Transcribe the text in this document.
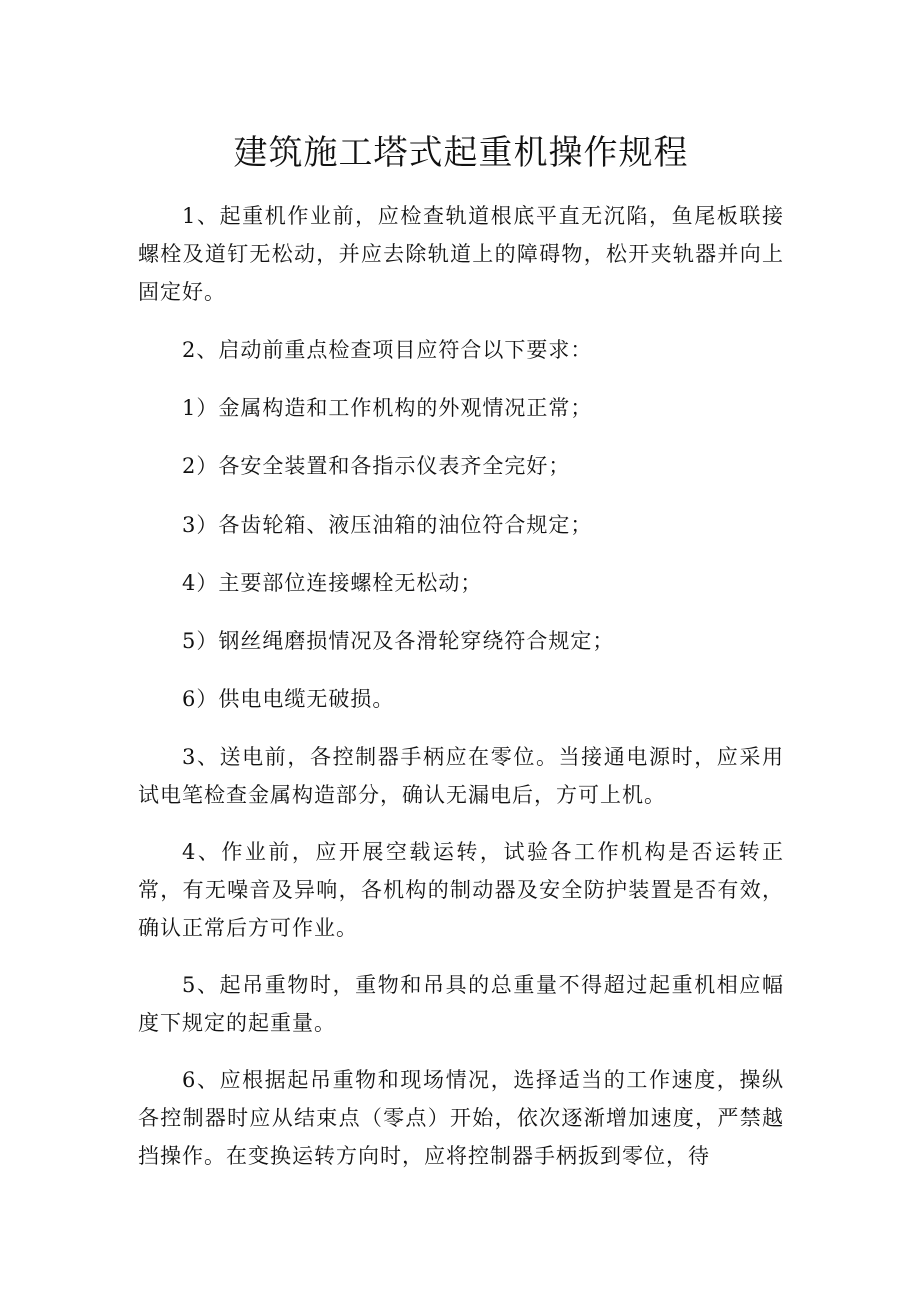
建筑施工塔式起重机操作规程

1、起重机作业前，应检查轨道根底平直无沉陷，鱼尾板联接螺栓及道钉无松动，并应去除轨道上的障碍物，松开夹轨器并向上固定好。

2、启动前重点检查项目应符合以下要求：

1）金属构造和工作机构的外观情况正常；

2）各安全装置和各指示仪表齐全完好；

3）各齿轮箱、液压油箱的油位符合规定；

4）主要部位连接螺栓无松动；

5）钢丝绳磨损情况及各滑轮穿绕符合规定；

6）供电电缆无破损。

3、送电前，各控制器手柄应在零位。当接通电源时，应采用试电笔检查金属构造部分，确认无漏电后，方可上机。

4、作业前，应开展空载运转，试验各工作机构是否运转正常，有无噪音及异响，各机构的制动器及安全防护装置是否有效，确认正常后方可作业。

5、起吊重物时，重物和吊具的总重量不得超过起重机相应幅度下规定的起重量。

6、应根据起吊重物和现场情况，选择适当的工作速度，操纵各控制器时应从结束点（零点）开始，依次逐渐增加速度，严禁越挡操作。在变换运转方向时，应将控制器手柄扳到零位，待
